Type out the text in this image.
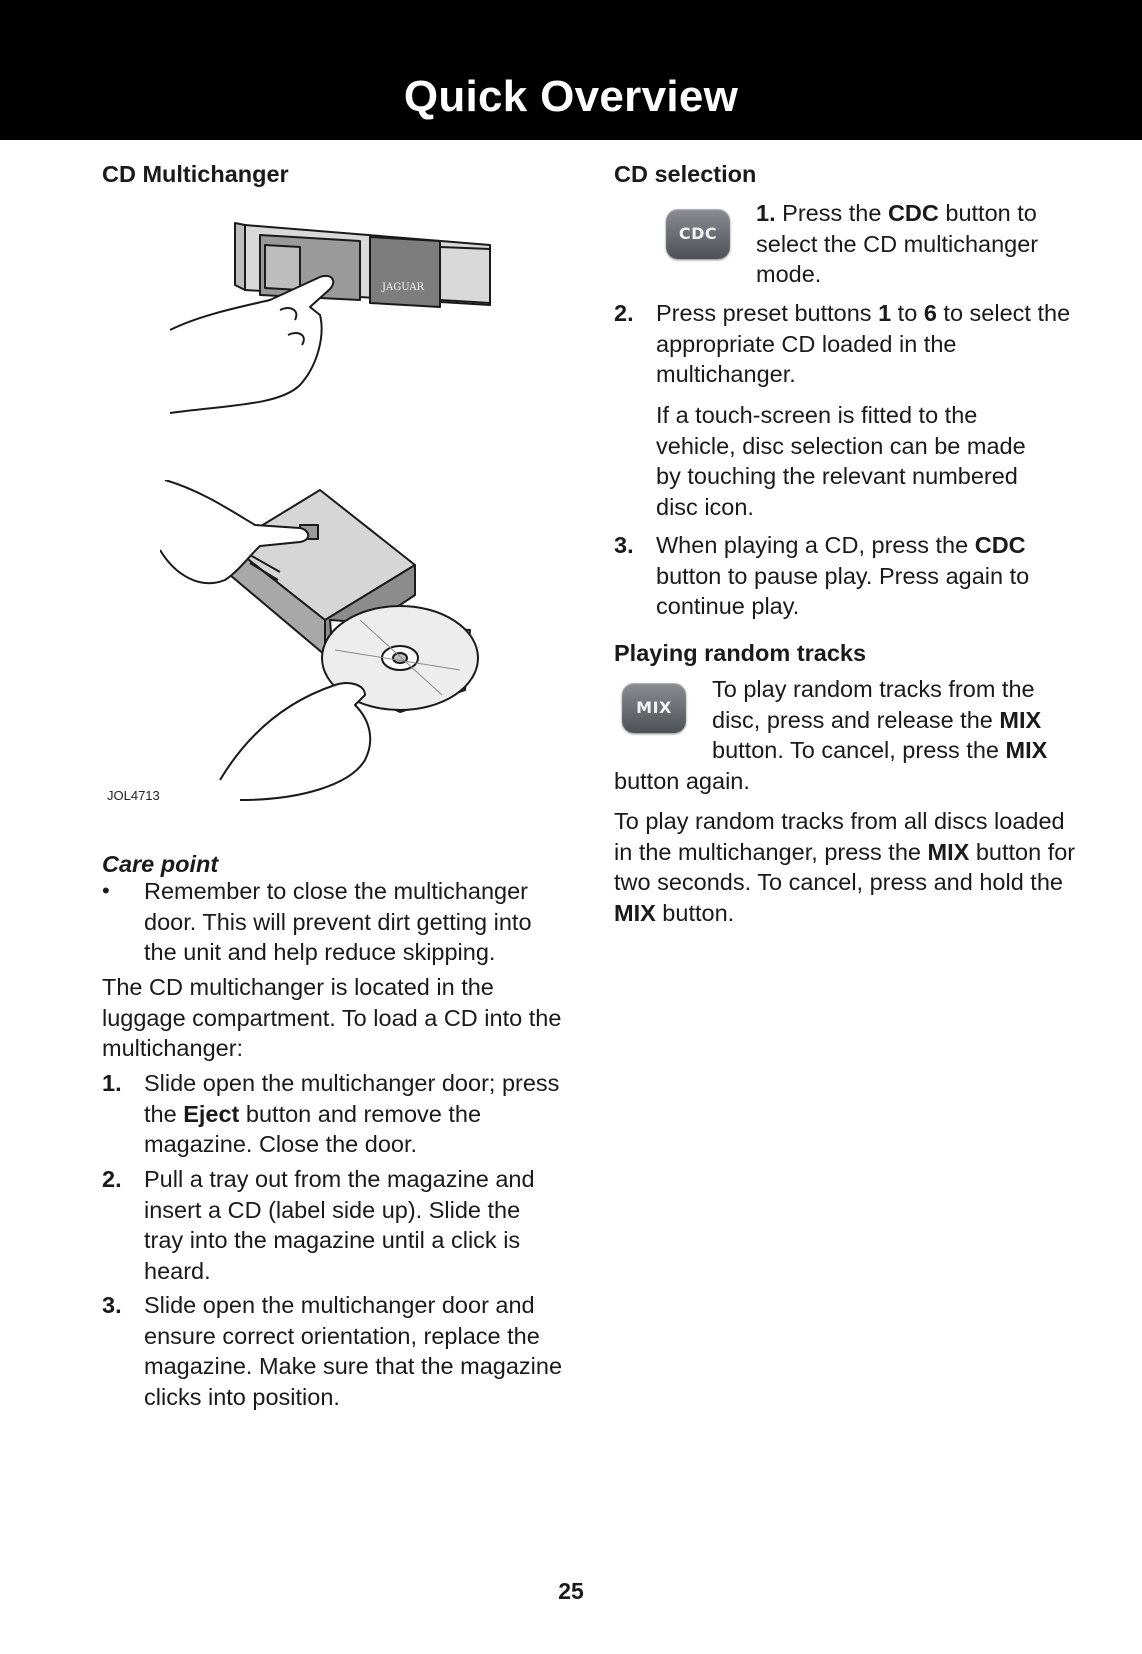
Quick Overview
CD Multichanger
JAGUAR
JOL4713
Care point
• Remember to close the multichanger door. This will prevent dirt getting into the unit and help reduce skipping.

The CD multichanger is located in the luggage compartment. To load a CD into the multichanger:

1. Slide open the multichanger door; press the Eject button and remove the magazine. Close the door.

2. Pull a tray out from the magazine and insert a CD (label side up). Slide the tray into the magazine until a click is heard.

3. Slide open the multichanger door and ensure correct orientation, replace the magazine. Make sure that the magazine clicks into position.

CD selection
CDC

1. Press the CDC button to select the CD multichanger mode.

2. Press preset buttons 1 to 6 to select the appropriate CD loaded in the multichanger.

If a touch-screen is fitted to the vehicle, disc selection can be made by touching the relevant numbered disc icon.

3. When playing a CD, press the CDC button to pause play. Press again to continue play.

Playing random tracks
MIX

To play random tracks from the disc, press and release the MIX button. To cancel, press the MIX button again.

To play random tracks from all discs loaded in the multichanger, press the MIX button for two seconds. To cancel, press and hold the MIX button.

25
